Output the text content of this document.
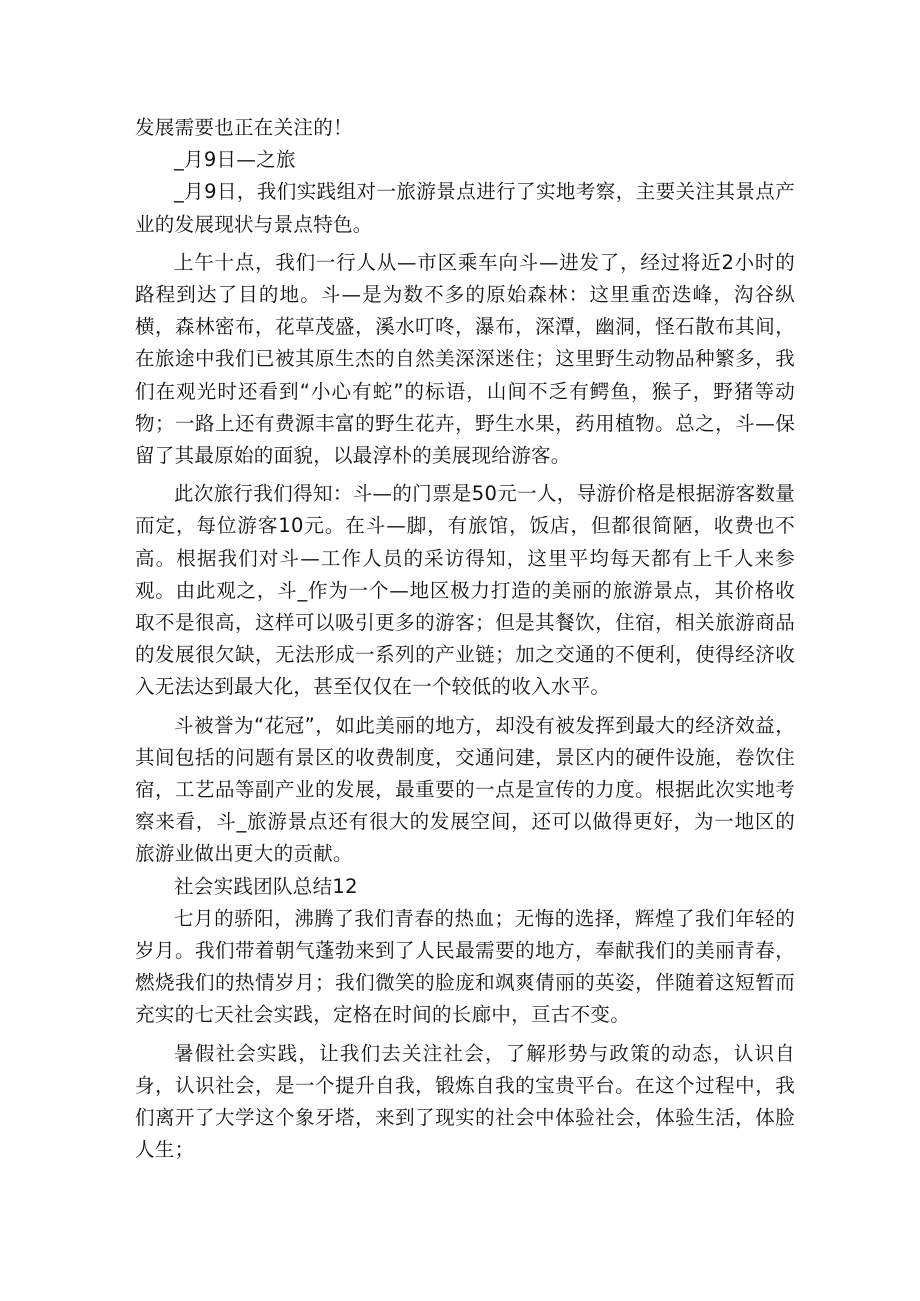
发展需要也正在关注的！

_月9日—之旅

_月9日，我们实践组对一旅游景点进行了实地考察，主要关注其景点产业的发展现状与景点特色。

上午十点，我们一行人从—市区乘车向斗—进发了，经过将近2小时的路程到达了目的地。斗—是为数不多的原始森林：这里重峦迭峰，沟谷纵横，森林密布，花草茂盛，溪水叮咚，瀑布，深潭，幽洞，怪石散布其间，在旅途中我们已被其原生杰的自然美深深迷住；这里野生动物品种繁多，我们在观光时还看到“小心有蛇”的标语，山间不乏有鳄鱼，猴子，野猪等动物；一路上还有费源丰富的野生花卉，野生水果，药用植物。总之，斗—保留了其最原始的面貌，以最淳朴的美展现给游客。

此次旅行我们得知：斗—的门票是50元一人，导游价格是根据游客数量而定，每位游客10元。在斗—脚，有旅馆，饭店，但都很简陋，收费也不高。根据我们对斗—工作人员的采访得知，这里平均每天都有上千人来参观。由此观之，斗_作为一个—地区极力打造的美丽的旅游景点，其价格收取不是很高，这样可以吸引更多的游客；但是其餐饮，住宿，相关旅游商品的发展很欠缺，无法形成一系列的产业链；加之交通的不便利，使得经济收入无法达到最大化，甚至仅仅在一个较低的收入水平。

斗被誉为“花冠”，如此美丽的地方，却没有被发挥到最大的经济效益，其间包括的问题有景区的收费制度，交通问建，景区内的硬件设施，卷饮住宿，工艺品等副产业的发展，最重要的一点是宣传的力度。根据此次实地考察来看，斗_旅游景点还有很大的发展空间，还可以做得更好，为一地区的旅游业做出更大的贡献。

社会实践团队总结12

七月的骄阳，沸腾了我们青春的热血；无悔的选择，辉煌了我们年轻的岁月。我们带着朝气蓬勃来到了人民最需要的地方，奉献我们的美丽青春，燃烧我们的热情岁月；我们微笑的脸庞和飒爽倩丽的英姿，伴随着这短暂而充实的七天社会实践，定格在时间的长廊中，亘古不变。

暑假社会实践，让我们去关注社会，了解形势与政策的动态，认识自身，认识社会，是一个提升自我，锻炼自我的宝贵平台。在这个过程中，我们离开了大学这个象牙塔，来到了现实的社会中体验社会，体验生活，体脸人生；
